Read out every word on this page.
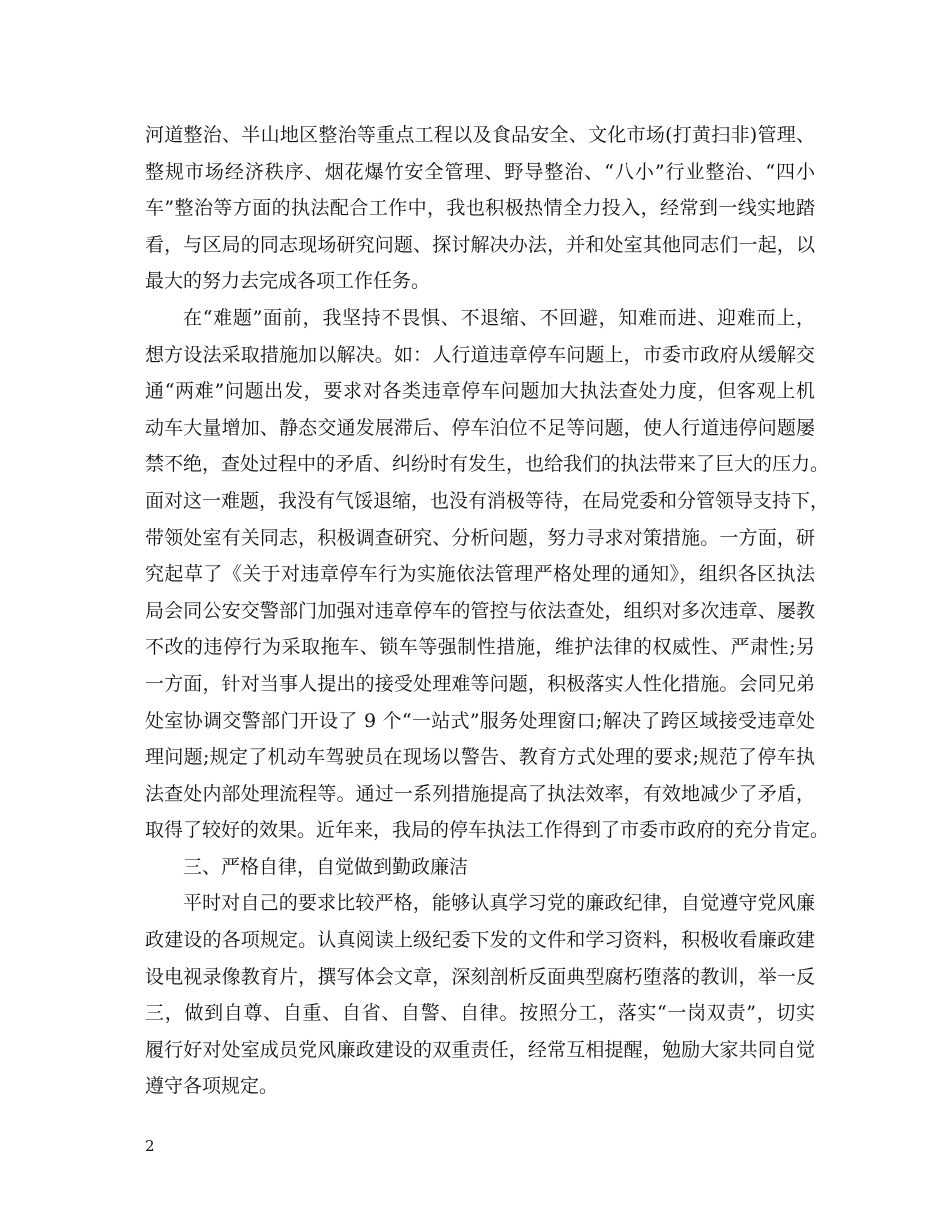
河道整治、半山地区整治等重点工程以及食品安全、文化市场(打黄扫非)管理、
整规市场经济秩序、烟花爆竹安全管理、野导整治、“八小”行业整治、“四小
车”整治等方面的执法配合工作中，我也积极热情全力投入，经常到一线实地踏
看，与区局的同志现场研究问题、探讨解决办法，并和处室其他同志们一起，以
最大的努力去完成各项工作任务。
在“难题”面前，我坚持不畏惧、不退缩、不回避，知难而进、迎难而上，
想方设法采取措施加以解决。如：人行道违章停车问题上，市委市政府从缓解交
通“两难”问题出发，要求对各类违章停车问题加大执法查处力度，但客观上机
动车大量增加、静态交通发展滞后、停车泊位不足等问题，使人行道违停问题屡
禁不绝，查处过程中的矛盾、纠纷时有发生，也给我们的执法带来了巨大的压力。
面对这一难题，我没有气馁退缩，也没有消极等待，在局党委和分管领导支持下，
带领处室有关同志，积极调查研究、分析问题，努力寻求对策措施。一方面，研
究起草了《关于对违章停车行为实施依法管理严格处理的通知》，组织各区执法
局会同公安交警部门加强对违章停车的管控与依法查处，组织对多次违章、屡教
不改的违停行为采取拖车、锁车等强制性措施，维护法律的权威性、严肃性;另
一方面，针对当事人提出的接受处理难等问题，积极落实人性化措施。会同兄弟
处室协调交警部门开设了 9 个“一站式”服务处理窗口;解决了跨区域接受违章处
理问题;规定了机动车驾驶员在现场以警告、教育方式处理的要求;规范了停车执
法查处内部处理流程等。通过一系列措施提高了执法效率，有效地减少了矛盾，
取得了较好的效果。近年来，我局的停车执法工作得到了市委市政府的充分肯定。
三、严格自律，自觉做到勤政廉洁
平时对自己的要求比较严格，能够认真学习党的廉政纪律，自觉遵守党风廉
政建设的各项规定。认真阅读上级纪委下发的文件和学习资料，积极收看廉政建
设电视录像教育片，撰写体会文章，深刻剖析反面典型腐朽堕落的教训，举一反
三，做到自尊、自重、自省、自警、自律。按照分工，落实“一岗双责”，切实
履行好对处室成员党风廉政建设的双重责任，经常互相提醒，勉励大家共同自觉
遵守各项规定。
2
